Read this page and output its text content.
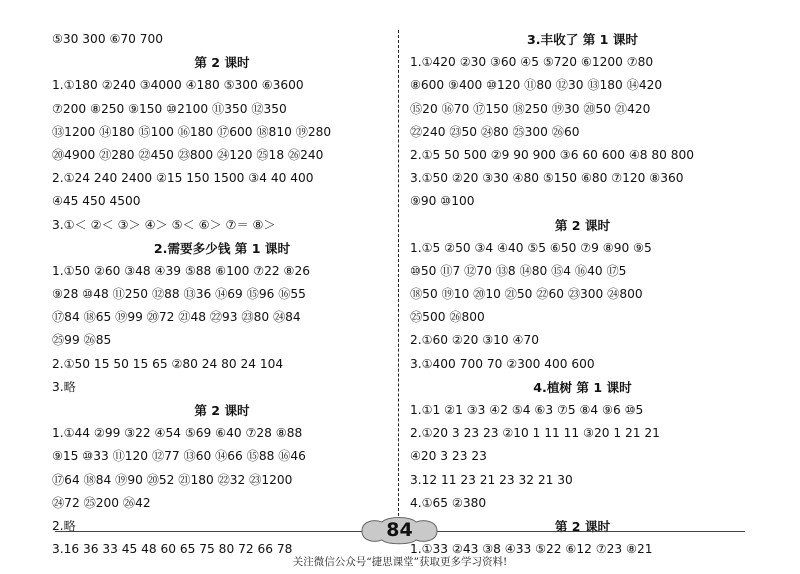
⑤30 300 ⑥70 700
第 2 课时
1.①180 ②240 ③4000 ④180 ⑤300 ⑥3600
⑦200 ⑧250 ⑨150 ⑩2100 ⑪350 ⑫350
⑬1200 ⑭180 ⑮100 ⑯180 ⑰600 ⑱810 ⑲280
⑳4900 ㉑280 ㉒450 ㉓800 ㉔120 ㉕18 ㉖240
2.①24 240 2400 ②15 150 1500 ③4 40 400
④45 450 4500
3.①＜ ②＜ ③＞ ④＞ ⑤＜ ⑥＞ ⑦＝ ⑧＞
2.需要多少钱 第 1 课时
1.①50 ②60 ③48 ④39 ⑤88 ⑥100 ⑦22 ⑧26
⑨28 ⑩48 ⑪250 ⑫88 ⑬36 ⑭69 ⑮96 ⑯55
⑰84 ⑱65 ⑲99 ⑳72 ㉑48 ㉒93 ㉓80 ㉔84
㉕99 ㉖85
2.①50 15 50 15 65 ②80 24 80 24 104
3.略
第 2 课时
1.①44 ②99 ③22 ④54 ⑤69 ⑥40 ⑦28 ⑧88
⑨15 ⑩33 ⑪120 ⑫77 ⑬60 ⑭66 ⑮88 ⑯46
⑰64 ⑱84 ⑲90 ⑳52 ㉑180 ㉒32 ㉓1200
㉔72 ㉕200 ㉖42
2.略
3.16 36 33 45 48 60 65 75 80 72 66 78
3.丰收了 第 1 课时
1.①420 ②30 ③60 ④5 ⑤720 ⑥1200 ⑦80
⑧600 ⑨400 ⑩120 ⑪80 ⑫30 ⑬180 ⑭420
⑮20 ⑯70 ⑰150 ⑱250 ⑲30 ⑳50 ㉑420
㉒240 ㉓50 ㉔80 ㉕300 ㉖60
2.①5 50 500 ②9 90 900 ③6 60 600 ④8 80 800
3.①50 ②20 ③30 ④80 ⑤150 ⑥80 ⑦120 ⑧360
⑨90 ⑩100
第 2 课时
1.①5 ②50 ③4 ④40 ⑤5 ⑥50 ⑦9 ⑧90 ⑨5
⑩50 ⑪7 ⑫70 ⑬8 ⑭80 ⑮4 ⑯40 ⑰5
⑱50 ⑲10 ⑳10 ㉑50 ㉒60 ㉓300 ㉔800
㉕500 ㉖800
2.①60 ②20 ③10 ④70
3.①400 700 70 ②300 400 600
4.植树 第 1 课时
1.①1 ②1 ③3 ④2 ⑤4 ⑥3 ⑦5 ⑧4 ⑨6 ⑩5
2.①20 3 23 23 ②10 1 11 11 ③20 1 21 21
④20 3 23 23
3.12 11 23 21 23 32 21 30
4.①65 ②380
第 2 课时
1.①33 ②43 ③8 ④33 ⑤22 ⑥12 ⑦23 ⑧21
84
关注微信公众号“捷思课堂”获取更多学习资料!
